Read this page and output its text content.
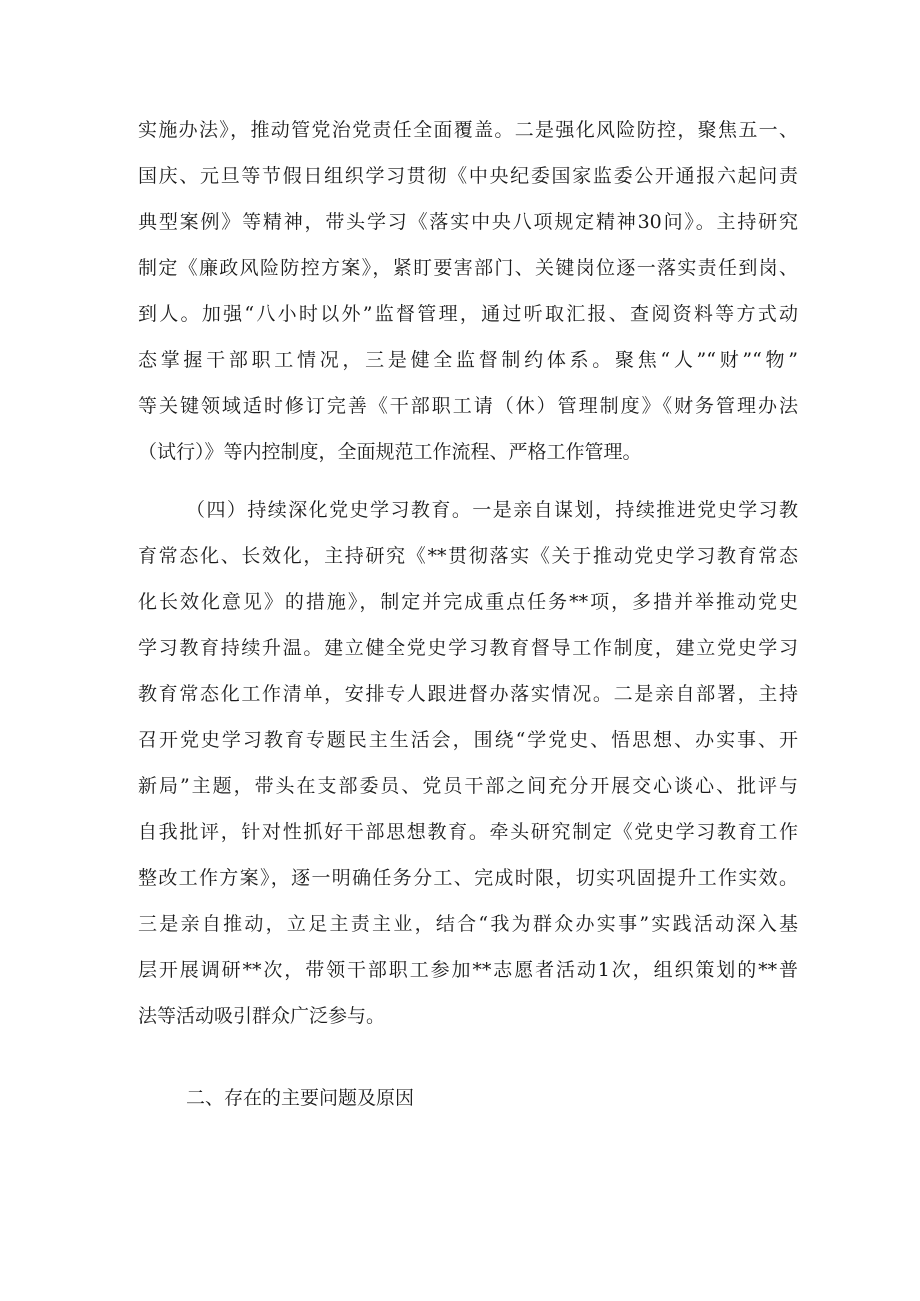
实施办法》，推动管党治党责任全面覆盖。二是强化风险防控，聚焦五一、
国庆、元旦等节假日组织学习贯彻《中央纪委国家监委公开通报六起问责
典型案例》等精神，带头学习《落实中央八项规定精神30问》。主持研究
制定《廉政风险防控方案》，紧盯要害部门、关键岗位逐一落实责任到岗、
到人。加强“八小时以外”监督管理，通过听取汇报、查阅资料等方式动
态掌握干部职工情况，三是健全监督制约体系。聚焦“人”“财”“物”
等关键领域适时修订完善《干部职工请（休）管理制度》《财务管理办法
（试行）》等内控制度，全面规范工作流程、严格工作管理。
（四）持续深化党史学习教育。一是亲自谋划，持续推进党史学习教
育常态化、长效化，主持研究《**贯彻落实《关于推动党史学习教育常态
化长效化意见》的措施》，制定并完成重点任务**项，多措并举推动党史
学习教育持续升温。建立健全党史学习教育督导工作制度，建立党史学习
教育常态化工作清单，安排专人跟进督办落实情况。二是亲自部署，主持
召开党史学习教育专题民主生活会，围绕“学党史、悟思想、办实事、开
新局”主题，带头在支部委员、党员干部之间充分开展交心谈心、批评与
自我批评，针对性抓好干部思想教育。牵头研究制定《党史学习教育工作
整改工作方案》，逐一明确任务分工、完成时限，切实巩固提升工作实效。
三是亲自推动，立足主责主业，结合“我为群众办实事”实践活动深入基
层开展调研**次，带领干部职工参加**志愿者活动1次，组织策划的**普
法等活动吸引群众广泛参与。
二、存在的主要问题及原因
